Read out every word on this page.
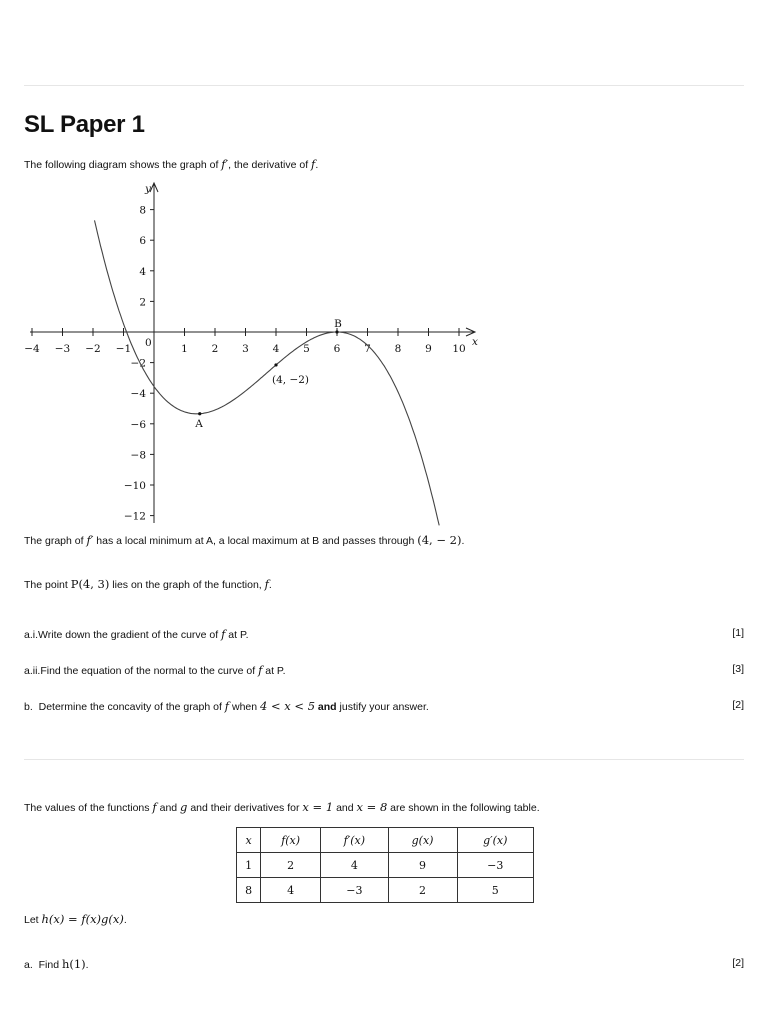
SL Paper 1
The following diagram shows the graph of f′, the derivative of f.
x
y
−4 −3 −2 −1	1 2 3 4 5 6 7 8 9 10
8
6
4
2
−2
−4
−6
−8
−10
−12
0
A
B
(4, −2)
The graph of f′ has a local minimum at A, a local maximum at B and passes through (4, − 2).
The point P(4, 3) lies on the graph of the function, f.
a.i.Write down the gradient of the curve of f at P.	[1]
a.ii.Find the equation of the normal to the curve of f at P.	[3]
b. Determine the concavity of the graph of f when 4 < x < 5 and justify your answer.	[2]
The values of the functions f and g and their derivatives for x = 1 and x = 8 are shown in the following table.
x	f(x)	f′(x)	g(x)	g′(x)
1	2	4	9	−3
8	4	−3	2	5
Let h(x) = f(x)g(x).
a. Find h(1).	[2]
